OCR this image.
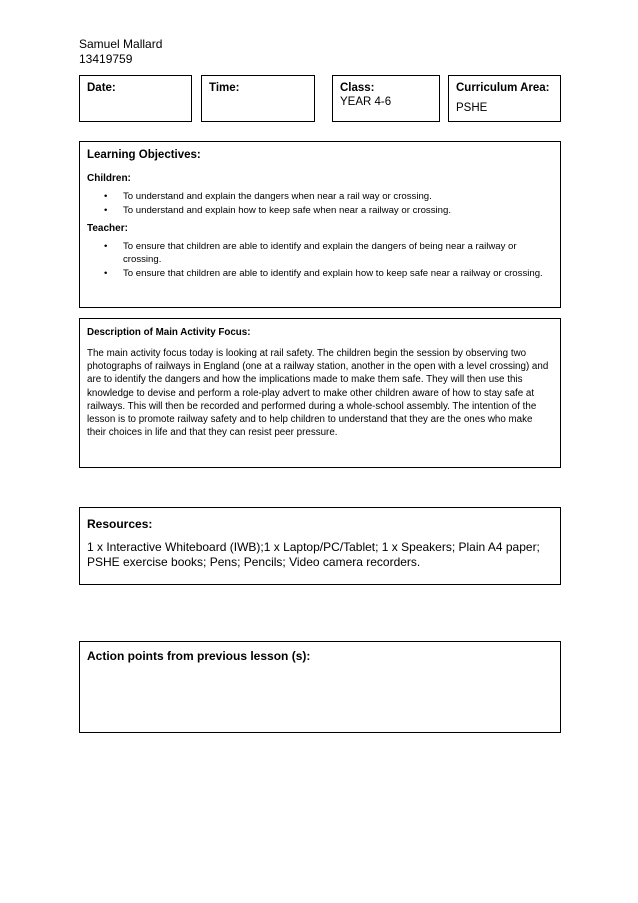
Samuel Mallard
13419759
Date:	Time:	Class:
YEAR 4-6
Curriculum Area:
PSHE
Learning Objectives:
Children:
• To understand and explain the dangers when near a rail way or crossing.
• To understand and explain how to keep safe when near a railway or crossing.
Teacher:
• To ensure that children are able to identify and explain the dangers of being near a railway or crossing.
• To ensure that children are able to identify and explain how to keep safe near a railway or crossing.
Description of Main Activity Focus:
The main activity focus today is looking at rail safety. The children begin the session by observing two photographs of railways in England (one at a railway station, another in the open with a level crossing) and are to identify the dangers and how the implications made to make them safe. They will then use this knowledge to devise and perform a role-play advert to make other children aware of how to stay safe at railways. This will then be recorded and performed during a whole-school assembly. The intention of the lesson is to promote railway safety and to help children to understand that they are the ones who make their choices in life and that they can resist peer pressure.
Resources:
1 x Interactive Whiteboard (IWB);1 x Laptop/PC/Tablet; 1 x Speakers; Plain A4 paper; PSHE exercise books; Pens; Pencils; Video camera recorders.
Action points from previous lesson (s):
